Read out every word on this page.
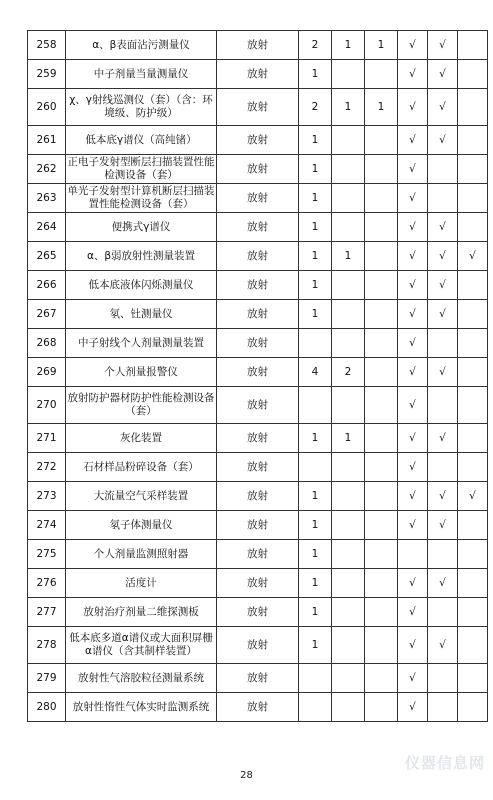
258	α、β表面沾污测量仪	放射	2	1	1	√	√	
259	中子剂量当量测量仪	放射	1			√	√	
260	χ、γ射线巡测仪（套）（含：环境级、防护级）	放射	2	1	1	√	√	
261	低本底γ谱仪（高纯锗）	放射	1			√	√	
262	正电子发射型断层扫描装置性能检测设备（套）	放射	1			√		
263	单光子发射型计算机断层扫描装置性能检测设备（套）	放射	1			√		
264	便携式γ谱仪	放射	1			√	√	
265	α、β弱放射性测量装置	放射	1	1		√	√	√
266	低本底液体闪烁测量仪	放射	1			√	√	
267	氡、钍测量仪	放射	1			√	√	
268	中子射线个人剂量测量装置	放射				√		
269	个人剂量报警仪	放射	4	2		√	√	
270	放射防护器材防护性能检测设备（套）	放射				√		
271	灰化装置	放射	1	1		√	√	
272	石材样品粉碎设备（套）	放射				√		
273	大流量空气采样装置	放射	1			√	√	√
274	氡子体测量仪	放射	1			√	√	
275	个人剂量监测照射器	放射	1					
276	活度计	放射	1			√	√	
277	放射治疗剂量二维探测板	放射	1			√		
278	低本底多道α谱仪或大面积屏栅α谱仪（含其制样装置）	放射	1			√	√	
279	放射性气溶胶粒径测量系统	放射				√		
280	放射性惰性气体实时监测系统	放射				√		
28
仪器信息网
